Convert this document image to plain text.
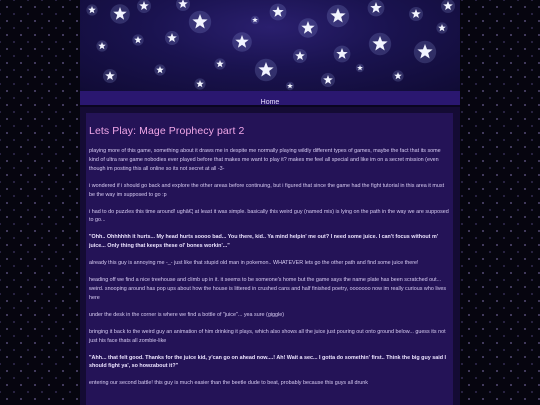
Home
Lets Play: Mage Prophecy part 2

playing more of this game, something about it draws me in despite me normally playing wildly different types of games, maybe the fact that its some kind of ultra rare game nobodies ever played before that makes me want to play it? makes me feel all special and like im on a secret mission (even though im posting this all online so its not secret at all -3-

i wondered if i should go back and explore the other areas before continuing, but i figured that since the game had the fight tutorial in this area it must be the way im supposed to go :p

i had to do puzzles this time around! ughâ€¦ at least it was simple. basically this weird guy (named mis) is lying on the path in the way we are supposed to go...

"Ohh.. Ohhhhhh it hurts... My head hurts soooo bad... You there, kid.. Ya mind helpin' me out? I need some juice. I can't focus without m' juice... Only thing that keeps these ol' bones workin'..."

already this guy is annoying me -_- just like that stupid old man in pokemon.. WHATEVER lets go the other path and find some juice there!

heading off we find a nice treehouse and climb up in it. it seems to be someone's home but the game says the name plate has been scratched out... weird. snooping around has pop ups about how the house is littered in crushed cans and half finished poetry, ooooooo now im really curious who lives here

under the desk in the corner is where we find a bottle of "juice"... yea sure (giggle)

bringing it back to the weird guy an animation of him drinking it plays, which also shows all the juice just pouring out onto ground below... guess its not just his face thats all zombie-like

"Ahh... that felt good. Thanks for the juice kid, y'can go on ahead now....! Ah! Wait a sec... I gotta do somethin' first.. Think the big guy said I should fight ya', so howzabout it?"

entering our second battle! this guy is much easier than the beetle dude to beat, probably because this guys all drunk
